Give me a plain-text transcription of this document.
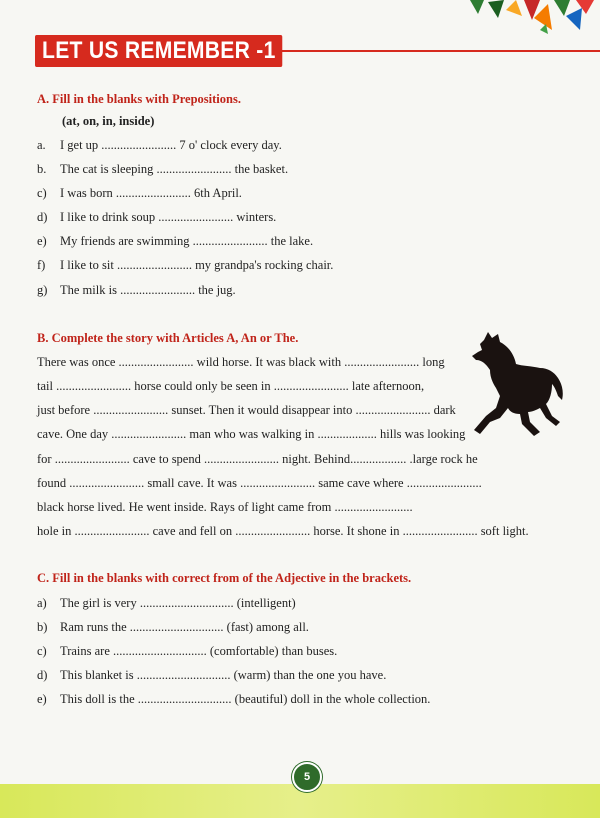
LET US REMEMBER -1
A. Fill in the blanks with Prepositions.
(at, on, in, inside)
a. I get up ........................ 7 o' clock every day.
b. The cat is sleeping ........................ the basket.
c) I was born ........................ 6th April.
d) I like to drink soup ........................ winters.
e) My friends are swimming ........................ the lake.
f) I like to sit ........................ my grandpa's rocking chair.
g) The milk is ........................ the jug.
B. Complete the story with Articles A, An or The.
There was once ........................ wild horse. It was black with ........................ long
tail ........................ horse could only be seen in ........................ late afternoon,
just before ........................ sunset. Then it would disappear into ........................ dark
cave. One day ........................ man who was walking in ................... hills was looking
for ........................ cave to spend ........................ night. Behind.................. .large rock he
found ........................ small cave. It was ........................ same cave where ........................
black horse lived. He went inside. Rays of light came from .........................
hole in ........................ cave and fell on ........................ horse. It shone in ........................ soft light.
C. Fill in the blanks with correct from of the Adjective in the brackets.
a) The girl is very .............................. (intelligent)
b) Ram runs the .............................. (fast) among all.
c) Trains are .............................. (comfortable) than buses.
d) This blanket is .............................. (warm) than the one you have.
e) This doll is the .............................. (beautiful) doll in the whole collection.
5
